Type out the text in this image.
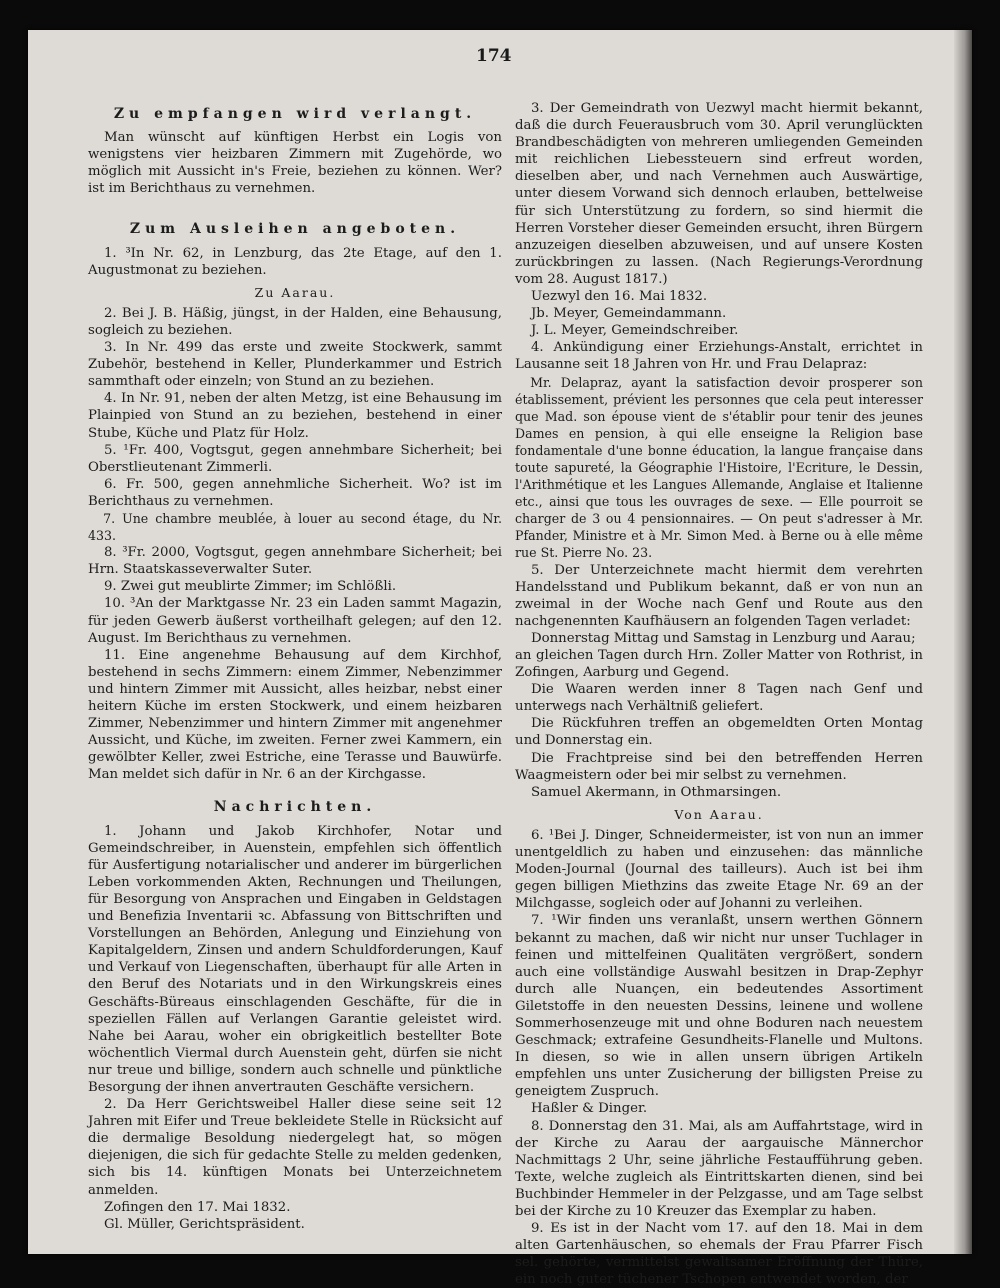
174
Zu empfangen wird verlangt.

Man wünscht auf künftigen Herbst ein Logis von wenigstens vier heizbaren Zimmern mit Zugehörde, wo möglich mit Aussicht in's Freie, beziehen zu können. Wer? ist im Berichthaus zu vernehmen.

Zum Ausleihen angeboten.

1. ³In Nr. 62, in Lenzburg, das 2te Etage, auf den 1. Augustmonat zu beziehen.

Zu Aarau.

2. Bei J. B. Häßig, jüngst, in der Halden, eine Behausung, sogleich zu beziehen.

3. In Nr. 499 das erste und zweite Stockwerk, sammt Zubehör, bestehend in Keller, Plunderkammer und Estrich sammthaft oder einzeln; von Stund an zu beziehen.

4. In Nr. 91, neben der alten Metzg, ist eine Behausung im Plainpied von Stund an zu beziehen, bestehend in einer Stube, Küche und Platz für Holz.

5. ¹Fr. 400, Vogtsgut, gegen annehmbare Sicherheit; bei Oberstlieutenant Zimmerli.

6. Fr. 500, gegen annehmliche Sicherheit. Wo? ist im Berichthaus zu vernehmen.

7. Une chambre meublée, à louer au second étage, du Nr. 433.

8. ³Fr. 2000, Vogtsgut, gegen annehmbare Sicherheit; bei Hrn. Staatskasseverwalter Suter.

9. Zwei gut meublirte Zimmer; im Schlößli.

10. ³An der Marktgasse Nr. 23 ein Laden sammt Magazin, für jeden Gewerb äußerst vortheilhaft gelegen; auf den 12. August. Im Berichthaus zu vernehmen.

11. Eine angenehme Behausung auf dem Kirchhof, bestehend in sechs Zimmern: einem Zimmer, Nebenzimmer und hintern Zimmer mit Aussicht, alles heizbar, nebst einer heitern Küche im ersten Stockwerk, und einem heizbaren Zimmer, Nebenzimmer und hintern Zimmer mit angenehmer Aussicht, und Küche, im zweiten. Ferner zwei Kammern, ein gewölbter Keller, zwei Estriche, eine Terasse und Bauwürfe. Man meldet sich dafür in Nr. 6 an der Kirchgasse.

Nachrichten.

1. Johann und Jakob Kirchhofer, Notar und Gemeindschreiber, in Auenstein, empfehlen sich öffentlich für Ausfertigung notarialischer und anderer im bürgerlichen Leben vorkommenden Akten, Rechnungen und Theilungen, für Besorgung von Ansprachen und Eingaben in Geldstagen und Benefizia Inventarii ꝛc. Abfassung von Bittschriften und Vorstellungen an Behörden, Anlegung und Einziehung von Kapitalgeldern, Zinsen und andern Schuldforderungen, Kauf und Verkauf von Liegenschaften, überhaupt für alle Arten in den Beruf des Notariats und in den Wirkungskreis eines Geschäfts-Büreaus einschlagenden Geschäfte, für die in speziellen Fällen auf Verlangen Garantie geleistet wird. Nahe bei Aarau, woher ein obrigkeitlich bestellter Bote wöchentlich Viermal durch Auenstein geht, dürfen sie nicht nur treue und billige, sondern auch schnelle und pünktliche Besorgung der ihnen anvertrauten Geschäfte versichern.

2. Da Herr Gerichtsweibel Haller diese seine seit 12 Jahren mit Eifer und Treue bekleidete Stelle in Rücksicht auf die dermalige Besoldung niedergelegt hat, so mögen diejenigen, die sich für gedachte Stelle zu melden gedenken, sich bis 14. künftigen Monats bei Unterzeichnetem anmelden.

Zofingen den 17. Mai 1832.

Gl. Müller, Gerichtspräsident.

3. Der Gemeindrath von Uezwyl macht hiermit bekannt, daß die durch Feuerausbruch vom 30. April verunglückten Brandbeschädigten von mehreren umliegenden Gemeinden mit reichlichen Liebessteuern sind erfreut worden, dieselben aber, und nach Vernehmen auch Auswärtige, unter diesem Vorwand sich dennoch erlauben, bettelweise für sich Unterstützung zu fordern, so sind hiermit die Herren Vorsteher dieser Gemeinden ersucht, ihren Bürgern anzuzeigen dieselben abzuweisen, und auf unsere Kosten zurückbringen zu lassen. (Nach Regierungs-Verordnung vom 28. August 1817.)

Uezwyl den 16. Mai 1832.

Jb. Meyer, Gemeindammann.

J. L. Meyer, Gemeindschreiber.

4. Ankündigung einer Erziehungs-Anstalt, errichtet in Lausanne seit 18 Jahren von Hr. und Frau Delapraz:

Mr. Delapraz, ayant la satisfaction devoir prosperer son établissement, prévient les personnes que cela peut interesser que Mad. son épouse vient de s'établir pour tenir des jeunes Dames en pension, à qui elle enseigne la Religion base fondamentale d'une bonne éducation, la langue française dans toute sapureté, la Géographie l'Histoire, l'Ecriture, le Dessin, l'Arithmétique et les Langues Allemande, Anglaise et Italienne etc., ainsi que tous les ouvrages de sexe. — Elle pourroit se charger de 3 ou 4 pensionnaires. — On peut s'adresser à Mr. Pfander, Ministre et à Mr. Simon Med. à Berne ou à elle même rue St. Pierre No. 23.

5. Der Unterzeichnete macht hiermit dem verehrten Handelsstand und Publikum bekannt, daß er von nun an zweimal in der Woche nach Genf und Route aus den nachgenennten Kaufhäusern an folgenden Tagen verladet:

Donnerstag Mittag und Samstag in Lenzburg und Aarau;

an gleichen Tagen durch Hrn. Zoller Matter von Rothrist, in Zofingen, Aarburg und Gegend.

Die Waaren werden inner 8 Tagen nach Genf und unterwegs nach Verhältniß geliefert.

Die Rückfuhren treffen an obgemeldten Orten Montag und Donnerstag ein.

Die Frachtpreise sind bei den betreffenden Herren Waagmeistern oder bei mir selbst zu vernehmen.

Samuel Akermann, in Othmarsingen.

Von Aarau.

6. ¹Bei J. Dinger, Schneidermeister, ist von nun an immer unentgeldlich zu haben und einzusehen: das männliche Moden-Journal (Journal des tailleurs). Auch ist bei ihm gegen billigen Miethzins das zweite Etage Nr. 69 an der Milchgasse, sogleich oder auf Johanni zu verleihen.

7. ¹Wir finden uns veranlaßt, unsern werthen Gönnern bekannt zu machen, daß wir nicht nur unser Tuchlager in feinen und mittelfeinen Qualitäten vergrößert, sondern auch eine vollständige Auswahl besitzen in Drap-Zephyr durch alle Nuançen, ein bedeutendes Assortiment Giletstoffe in den neuesten Dessins, leinene und wollene Sommerhosenzeuge mit und ohne Boduren nach neuestem Geschmack; extrafeine Gesundheits-Flanelle und Multons. In diesen, so wie in allen unsern übrigen Artikeln empfehlen uns unter Zusicherung der billigsten Preise zu geneigtem Zuspruch.

Haßler & Dinger.

8. Donnerstag den 31. Mai, als am Auffahrtstage, wird in der Kirche zu Aarau der aargauische Männerchor Nachmittags 2 Uhr, seine jährliche Festaufführung geben. Texte, welche zugleich als Eintrittskarten dienen, sind bei Buchbinder Hemmeler in der Pelzgasse, und am Tage selbst bei der Kirche zu 10 Kreuzer das Exemplar zu haben.

9. Es ist in der Nacht vom 17. auf den 18. Mai in dem alten Gartenhäuschen, so ehemals der Frau Pfarrer Fisch sel. gehörte, vermittelst gewaltsamer Eröffnung der Thüre, ein noch guter tüchener Tschopen entwendet worden, der
